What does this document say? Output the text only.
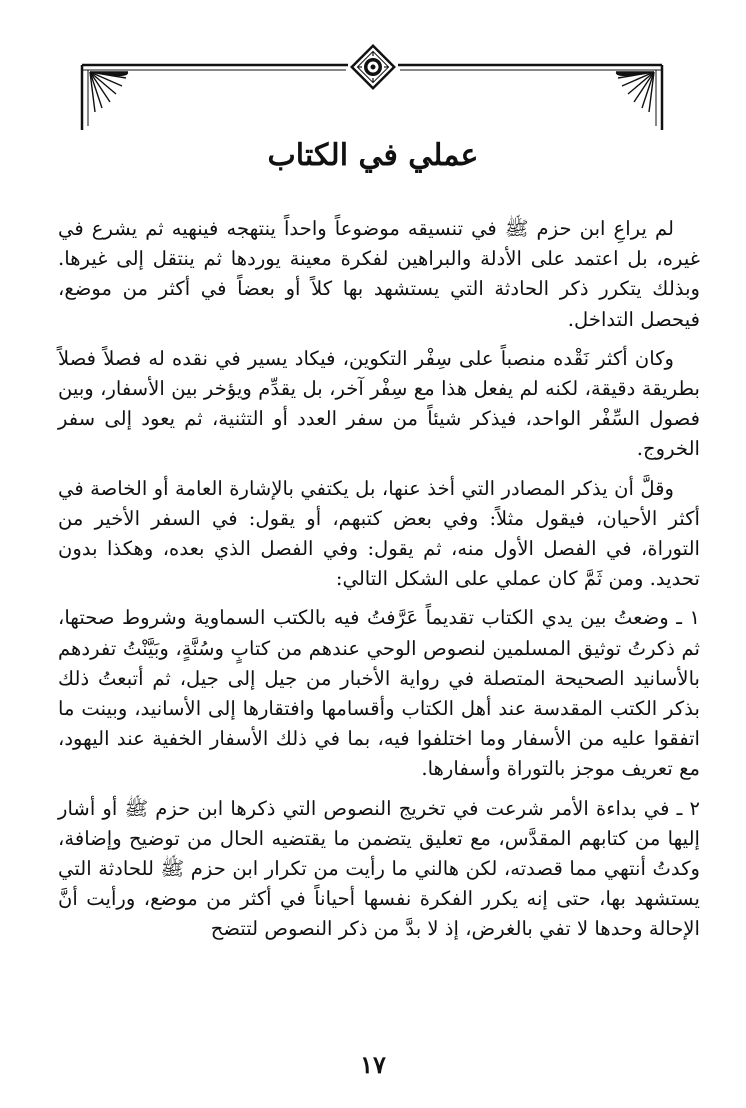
عملي في الكتاب

لم يراعِ ابن حزم ﷺ في تنسيقه موضوعاً واحداً ينتهجه فينهيه ثم يشرع في غيره، بل اعتمد على الأدلة والبراهين لفكرة معينة يوردها ثم ينتقل إلى غيرها. وبذلك يتكرر ذكر الحادثة التي يستشهد بها كلاً أو بعضاً في أكثر من موضع، فيحصل التداخل.

وكان أكثر نَقْده منصباً على سِفْر التكوين، فيكاد يسير في نقده له فصلاً فصلاً بطريقة دقيقة، لكنه لم يفعل هذا مع سِفْر آخر، بل يقدِّم ويؤخر بين الأسفار، وبين فصول السِّفْر الواحد، فيذكر شيئاً من سفر العدد أو التثنية، ثم يعود إلى سفر الخروج.

وقلَّ أن يذكر المصادر التي أخذ عنها، بل يكتفي بالإشارة العامة أو الخاصة في أكثر الأحيان، فيقول مثلاً: وفي بعض كتبهم، أو يقول: في السفر الأخير من التوراة، في الفصل الأول منه، ثم يقول: وفي الفصل الذي بعده، وهكذا بدون تحديد. ومن ثَمَّ كان عملي على الشكل التالي:

١ ـ وضعتُ بين يدي الكتاب تقديماً عَرَّفتُ فيه بالكتب السماوية وشروط صحتها، ثم ذكرتُ توثيق المسلمين لنصوص الوحي عندهم من كتابٍ وسُنَّةٍ، وبَيَّنْتُ تفردهم بالأسانيد الصحيحة المتصلة في رواية الأخبار من جيل إلى جيل، ثم أتبعتُ ذلك بذكر الكتب المقدسة عند أهل الكتاب وأقسامها وافتقارها إلى الأسانيد، وبينت ما اتفقوا عليه من الأسفار وما اختلفوا فيه، بما في ذلك الأسفار الخفية عند اليهود، مع تعريف موجز بالتوراة وأسفارها.

٢ ـ في بداءة الأمر شرعت في تخريج النصوص التي ذكرها ابن حزم ﷺ أو أشار إليها من كتابهم المقدَّس، مع تعليق يتضمن ما يقتضيه الحال من توضيح وإضافة، وكدتُ أنتهي مما قصدته، لكن هالني ما رأيت من تكرار ابن حزم ﷺ للحادثة التي يستشهد بها، حتى إنه يكرر الفكرة نفسها أحياناً في أكثر من موضع، ورأيت أنَّ الإحالة وحدها لا تفي بالغرض، إذ لا بدَّ من ذكر النصوص لتتضح

١٧
